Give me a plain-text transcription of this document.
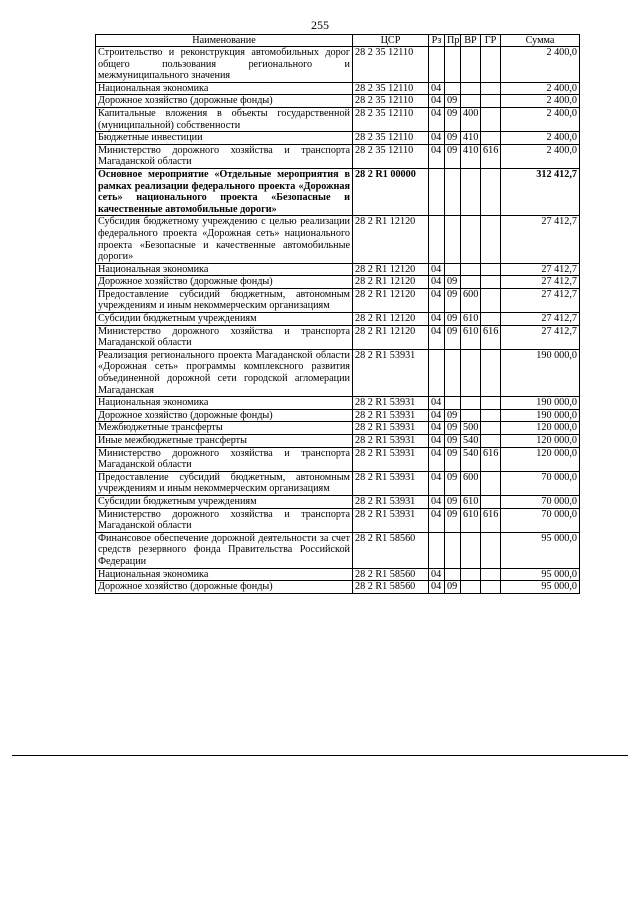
255
Наименование	ЦСР	Рз	Пр	ВР	ГР	Сумма
Строительство и реконструкция автомобильных дорог общего пользования регионального и межмуниципального значения	28 2 35 12110					2 400,0
Национальная экономика	28 2 35 12110	04				2 400,0
Дорожное хозяйство (дорожные фонды)	28 2 35 12110	04	09			2 400,0
Капитальные вложения в объекты государственной (муниципальной) собственности	28 2 35 12110	04	09	400		2 400,0
Бюджетные инвестиции	28 2 35 12110	04	09	410		2 400,0
Министерство дорожного хозяйства и транспорта Магаданской области	28 2 35 12110	04	09	410	616	2 400,0
Основное мероприятие «Отдельные мероприятия в рамках реализации федерального проекта «Дорожная сеть» национального проекта «Безопасные и качественные автомобильные дороги»	28 2 R1 00000					312 412,7
Субсидия бюджетному учреждению с целью реализации федерального проекта «Дорожная сеть» национального проекта «Безопасные и качественные автомобильные дороги»	28 2 R1 12120					27 412,7
Национальная экономика	28 2 R1 12120	04				27 412,7
Дорожное хозяйство (дорожные фонды)	28 2 R1 12120	04	09			27 412,7
Предоставление субсидий бюджетным, автономным учреждениям и иным некоммерческим организациям	28 2 R1 12120	04	09	600		27 412,7
Субсидии бюджетным учреждениям	28 2 R1 12120	04	09	610		27 412,7
Министерство дорожного хозяйства и транспорта Магаданской области	28 2 R1 12120	04	09	610	616	27 412,7
Реализация регионального проекта Магаданской области «Дорожная сеть» программы комплексного развития объединенной дорожной сети городской агломерации Магаданская	28 2 R1 53931					190 000,0
Национальная экономика	28 2 R1 53931	04				190 000,0
Дорожное хозяйство (дорожные фонды)	28 2 R1 53931	04	09			190 000,0
Межбюджетные трансферты	28 2 R1 53931	04	09	500		120 000,0
Иные межбюджетные трансферты	28 2 R1 53931	04	09	540		120 000,0
Министерство дорожного хозяйства и транспорта Магаданской области	28 2 R1 53931	04	09	540	616	120 000,0
Предоставление субсидий бюджетным, автономным учреждениям и иным некоммерческим организациям	28 2 R1 53931	04	09	600		70 000,0
Субсидии бюджетным учреждениям	28 2 R1 53931	04	09	610		70 000,0
Министерство дорожного хозяйства и транспорта Магаданской области	28 2 R1 53931	04	09	610	616	70 000,0
Финансовое обеспечение дорожной деятельности за счет средств резервного фонда Правительства Российской Федерации	28 2 R1 58560					95 000,0
Национальная экономика	28 2 R1 58560	04				95 000,0
Дорожное хозяйство (дорожные фонды)	28 2 R1 58560	04	09			95 000,0
